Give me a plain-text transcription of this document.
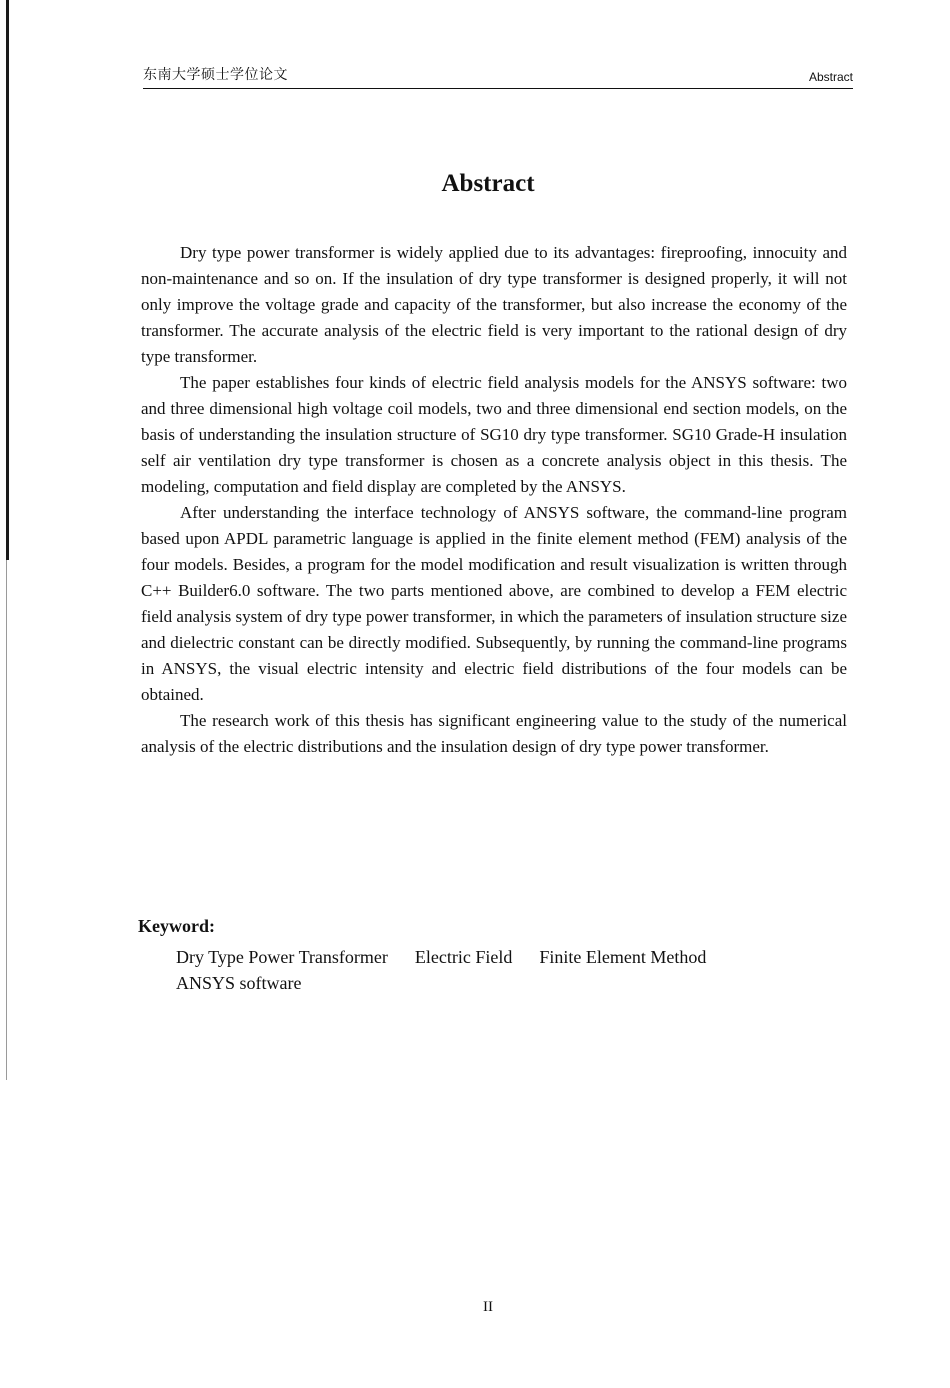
东南大学硕士学位论文	Abstract
Abstract

Dry type power transformer is widely applied due to its advantages: fireproofing, innocuity and non-maintenance and so on. If the insulation of dry type transformer is designed properly, it will not only improve the voltage grade and capacity of the transformer, but also increase the economy of the transformer. The accurate analysis of the electric field is very important to the rational design of dry type transformer.

The paper establishes four kinds of electric field analysis models for the ANSYS software: two and three dimensional high voltage coil models, two and three dimensional end section models, on the basis of understanding the insulation structure of SG10 dry type transformer. SG10 Grade-H insulation self air ventilation dry type transformer is chosen as a concrete analysis object in this thesis. The modeling, computation and field display are completed by the ANSYS.

After understanding the interface technology of ANSYS software, the command-line program based upon APDL parametric language is applied in the finite element method (FEM) analysis of the four models. Besides, a program for the model modification and result visualization is written through C++ Builder6.0 software. The two parts mentioned above, are combined to develop a FEM electric field analysis system of dry type power transformer, in which the parameters of insulation structure size and dielectric constant can be directly modified. Subsequently, by running the command-line programs in ANSYS, the visual electric intensity and electric field distributions of the four models can be obtained.

The research work of this thesis has significant engineering value to the study of the numerical analysis of the electric distributions and the insulation design of dry type power transformer.

Keyword:
Dry Type Power Transformer Electric Field Finite Element Method
ANSYS software
II
